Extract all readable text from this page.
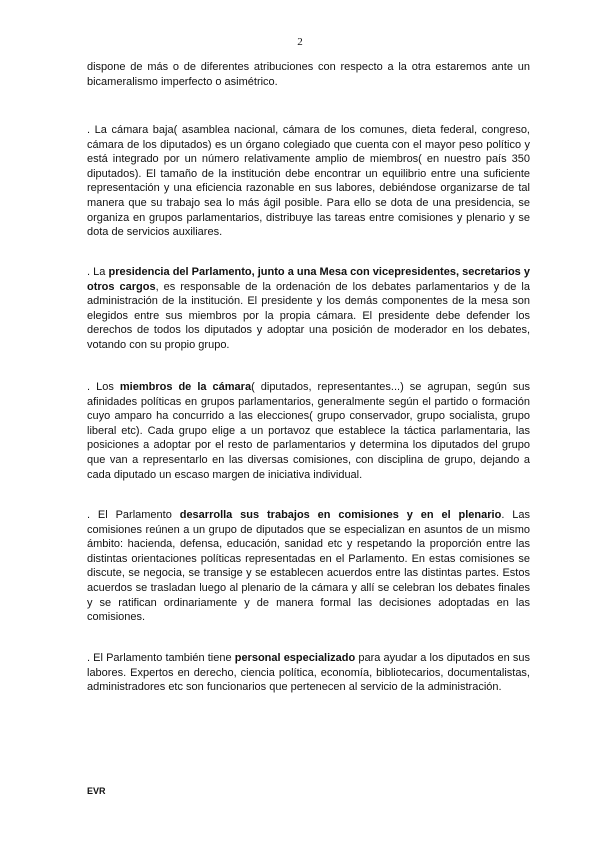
2

dispone de más o de diferentes atribuciones con respecto a la otra estaremos ante un bicameralismo imperfecto o asimétrico.

. La cámara baja( asamblea nacional, cámara de los comunes, dieta federal, congreso, cámara de los diputados) es un órgano colegiado que cuenta con el mayor peso político y está integrado por un número relativamente amplio de miembros( en nuestro país 350 diputados). El tamaño de la institución debe encontrar un equilibrio entre una suficiente representación y una eficiencia razonable en sus labores, debiéndose organizarse de tal manera que su trabajo sea lo más ágil posible. Para ello se dota de una presidencia, se organiza en grupos parlamentarios, distribuye las tareas entre comisiones y plenario y se dota de servicios auxiliares.

. La presidencia del Parlamento, junto a una Mesa con vicepresidentes, secretarios y otros cargos, es responsable de la ordenación de los debates parlamentarios y de la administración de la institución. El presidente y los demás componentes de la mesa son elegidos entre sus miembros por la propia cámara. El presidente debe defender los derechos de todos los diputados y adoptar una posición de moderador en los debates, votando con su propio grupo.

. Los miembros de la cámara( diputados, representantes...) se agrupan, según sus afinidades políticas en grupos parlamentarios, generalmente según el partido o formación cuyo amparo ha concurrido a las elecciones( grupo conservador, grupo socialista, grupo liberal etc). Cada grupo elige a un portavoz que establece la táctica parlamentaria, las posiciones a adoptar por el resto de parlamentarios y determina los diputados del grupo que van a representarlo en las diversas comisiones, con disciplina de grupo, dejando a cada diputado un escaso margen de iniciativa individual.

. El Parlamento desarrolla sus trabajos en comisiones y en el plenario. Las comisiones reúnen a un grupo de diputados que se especializan en asuntos de un mismo ámbito: hacienda, defensa, educación, sanidad etc y respetando la proporción entre las distintas orientaciones políticas representadas en el Parlamento. En estas comisiones se discute, se negocia, se transige y se establecen acuerdos entre las distintas partes. Estos acuerdos se trasladan luego al plenario de la cámara y allí se celebran los debates finales y se ratifican ordinariamente y de manera formal las decisiones adoptadas en las comisiones.

. El Parlamento también tiene personal especializado para ayudar a los diputados en sus labores. Expertos en derecho, ciencia política, economía, bibliotecarios, documentalistas, administradores etc son funcionarios que pertenecen al servicio de la administración.

EVR
